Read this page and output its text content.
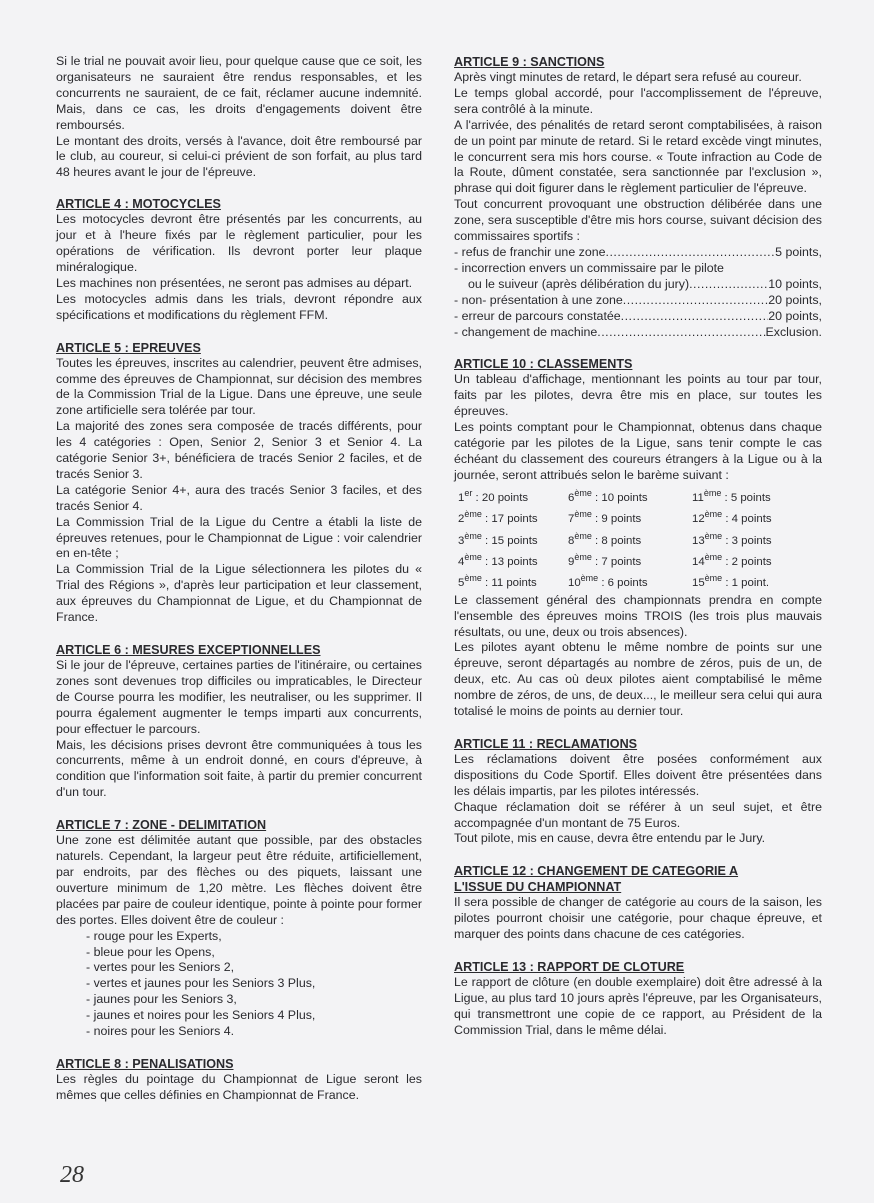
Si le trial ne pouvait avoir lieu, pour quelque cause que ce soit, les organisateurs ne sauraient être rendus responsables, et les concurrents ne sauraient, de ce fait, réclamer aucune indemnité. Mais, dans ce cas, les droits d'engagements doivent être remboursés.

Le montant des droits, versés à l'avance, doit être remboursé par le club, au coureur, si celui-ci prévient de son forfait, au plus tard 48 heures avant le jour de l'épreuve.

ARTICLE 4 : MOTOCYCLES

Les motocycles devront être présentés par les concurrents, au jour et à l'heure fixés par le règlement particulier, pour les opérations de vérification. Ils devront porter leur plaque minéralogique.

Les machines non présentées, ne seront pas admises au départ.

Les motocycles admis dans les trials, devront répondre aux spécifications et modifications du règlement FFM.

ARTICLE 5 : EPREUVES

Toutes les épreuves, inscrites au calendrier, peuvent être admises, comme des épreuves de Championnat, sur décision des membres de la Commission Trial de la Ligue. Dans une épreuve, une seule zone artificielle sera tolérée par tour.

La majorité des zones sera composée de tracés différents, pour les 4 catégories : Open, Senior 2, Senior 3 et Senior 4. La catégorie Senior 3+, bénéficiera de tracés Senior 2 faciles, et de tracés Senior 3.

La catégorie Senior 4+, aura des tracés Senior 3 faciles, et des tracés Senior 4.

La Commission Trial de la Ligue du Centre a établi la liste de épreuves retenues, pour le Championnat de Ligue : voir calendrier en en-tête ;

La Commission Trial de la Ligue sélectionnera les pilotes du « Trial des Régions », d'après leur participation et leur classement, aux épreuves du Championnat de Ligue, et du Championnat de France.

ARTICLE 6 : MESURES EXCEPTIONNELLES

Si le jour de l'épreuve, certaines parties de l'itinéraire, ou certaines zones sont devenues trop difficiles ou impraticables, le Directeur de Course pourra les modifier, les neutraliser, ou les supprimer. Il pourra également augmenter le temps imparti aux concurrents, pour effectuer le parcours.

Mais, les décisions prises devront être communiquées à tous les concurrents, même à un endroit donné, en cours d'épreuve, à condition que l'information soit faite, à partir du premier concurrent d'un tour.

ARTICLE 7 : ZONE - DELIMITATION

Une zone est délimitée autant que possible, par des obstacles naturels. Cependant, la largeur peut être réduite, artificiellement, par endroits, par des flèches ou des piquets, laissant une ouverture minimum de 1,20 mètre. Les flèches doivent être placées par paire de couleur identique, pointe à pointe pour former des portes. Elles doivent être de couleur :

- rouge pour les Experts,

- bleue pour les Opens,

- vertes pour les Seniors 2,

- vertes et jaunes pour les Seniors 3 Plus,

- jaunes pour les Seniors 3,

- jaunes et noires pour les Seniors 4 Plus,

- noires pour les Seniors 4.

ARTICLE 8 : PENALISATIONS

Les règles du pointage du Championnat de Ligue seront les mêmes que celles définies en Championnat de France.

ARTICLE 9 : SANCTIONS

Après vingt minutes de retard, le départ sera refusé au coureur.

Le temps global accordé, pour l'accomplissement de l'épreuve, sera contrôlé à la minute.

A l'arrivée, des pénalités de retard seront comptabilisées, à raison de un point par minute de retard. Si le retard excède vingt minutes, le concurrent sera mis hors course. « Toute infraction au Code de la Route, dûment constatée, sera sanctionnée par l'exclusion », phrase qui doit figurer dans le règlement particulier de l'épreuve.

Tout concurrent provoquant une obstruction délibérée dans une zone, sera susceptible d'être mis hors course, suivant décision des commissaires sportifs :

- refus de franchir une zone .....	5 points,

- incorrection envers un commissaire par le pilote

ou le suiveur (après délibération du jury) .....	10 points,
- non- présentation à une zone .....	20 points,
- erreur de parcours constatée .....	20 points,
- changement de machine .....	Exclusion.

ARTICLE 10 : CLASSEMENTS

Un tableau d'affichage, mentionnant les points au tour par tour, faits par les pilotes, devra être mis en place, sur toutes les épreuves.

Les points comptant pour le Championnat, obtenus dans chaque catégorie par les pilotes de la Ligue, sans tenir compte le cas échéant du classement des coureurs étrangers à la Ligue ou à la journée, seront attribués selon le barème suivant :

1er : 20 points	6ème : 10 points	11ème : 5 points
2ème : 17 points	7ème : 9 points	12ème : 4 points
3ème : 15 points	8ème : 8 points	13ème : 3 points
4ème : 13 points	9ème : 7 points	14ème : 2 points
5ème : 11 points	10ème : 6 points	15ème : 1 point.

Le classement général des championnats prendra en compte l'ensemble des épreuves moins TROIS (les trois plus mauvais résultats, ou une, deux ou trois absences).

Les pilotes ayant obtenu le même nombre de points sur une épreuve, seront départagés au nombre de zéros, puis de un, de deux, etc. Au cas où deux pilotes aient comptabilisé le même nombre de zéros, de uns, de deux..., le meilleur sera celui qui aura totalisé le moins de points au dernier tour.

ARTICLE 11 : RECLAMATIONS

Les réclamations doivent être posées conformément aux dispositions du Code Sportif. Elles doivent être présentées dans les délais impartis, par les pilotes intéressés.

Chaque réclamation doit se référer à un seul sujet, et être accompagnée d'un montant de 75 Euros.

Tout pilote, mis en cause, devra être entendu par le Jury.

ARTICLE 12 : CHANGEMENT DE CATEGORIE A
L'ISSUE DU CHAMPIONNAT

Il sera possible de changer de catégorie au cours de la saison, les pilotes pourront choisir une catégorie, pour chaque épreuve, et marquer des points dans chacune de ces catégories.

ARTICLE 13 : RAPPORT DE CLOTURE

Le rapport de clôture (en double exemplaire) doit être adressé à la Ligue, au plus tard 10 jours après l'épreuve, par les Organisateurs, qui transmettront une copie de ce rapport, au Président de la Commission Trial, dans le même délai.

28
